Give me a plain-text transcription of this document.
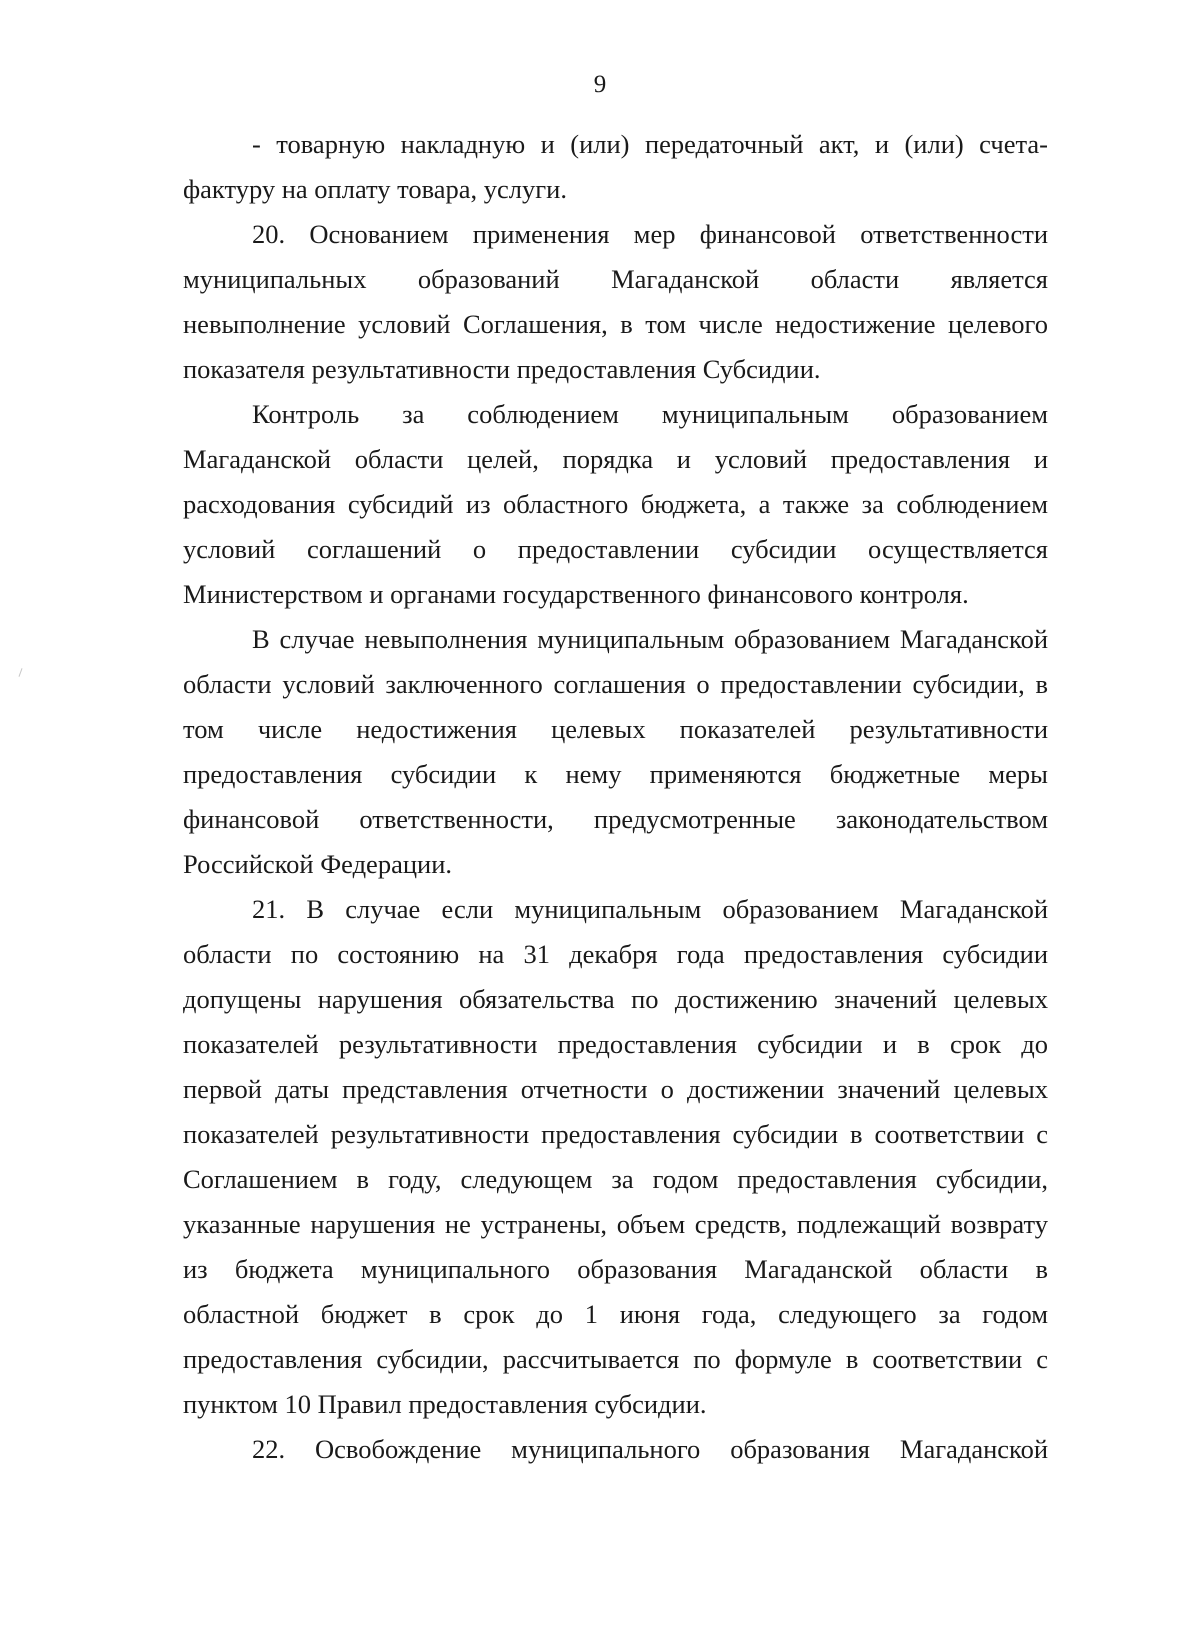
9
- товарную накладную и (или) передаточный акт, и (или) счета-
фактуру на оплату товара, услуги.
20. Основанием применения мер финансовой ответственности
муниципальных образований Магаданской области является
невыполнение условий Соглашения, в том числе недостижение целевого
показателя результативности предоставления Субсидии.
Контроль за соблюдением муниципальным образованием
Магаданской области целей, порядка и условий предоставления и
расходования субсидий из областного бюджета, а также за соблюдением
условий соглашений о предоставлении субсидии осуществляется
Министерством и органами государственного финансового контроля.
В случае невыполнения муниципальным образованием Магаданской
области условий заключенного соглашения о предоставлении субсидии, в
том числе недостижения целевых показателей результативности
предоставления субсидии к нему применяются бюджетные меры
финансовой ответственности, предусмотренные законодательством
Российской Федерации.
21. В случае если муниципальным образованием Магаданской
области по состоянию на 31 декабря года предоставления субсидии
допущены нарушения обязательства по достижению значений целевых
показателей результативности предоставления субсидии и в срок до
первой даты представления отчетности о достижении значений целевых
показателей результативности предоставления субсидии в соответствии с
Соглашением в году, следующем за годом предоставления субсидии,
указанные нарушения не устранены, объем средств, подлежащий возврату
из бюджета муниципального образования Магаданской области в
областной бюджет в срок до 1 июня года, следующего за годом
предоставления субсидии, рассчитывается по формуле в соответствии с
пунктом 10 Правил предоставления субсидии.
22. Освобождение муниципального образования Магаданской
